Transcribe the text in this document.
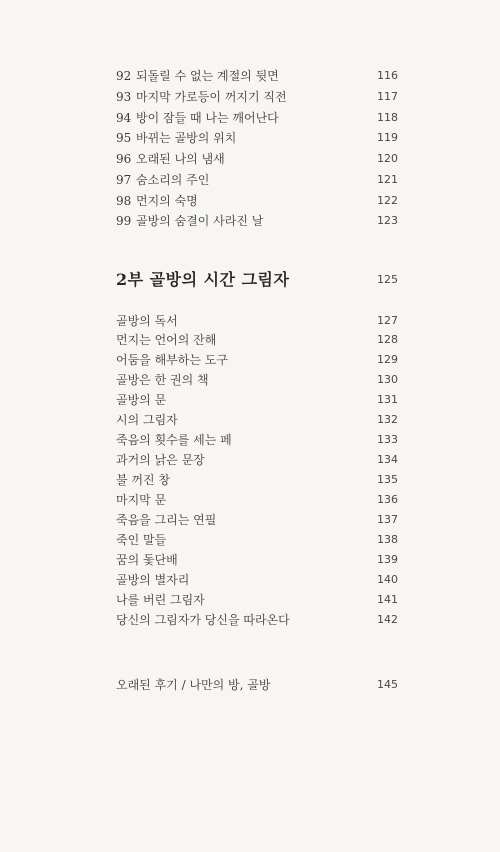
92 되돌릴 수 없는 계절의 뒷면	116
93 마지막 가로등이 꺼지기 직전	117
94 방이 잠들 때 나는 깨어난다	118
95 바뀌는 골방의 위치	119
96 오래된 나의 냄새	120
97 숨소리의 주인	121
98 먼지의 숙명	122
99 골방의 숨결이 사라진 날	123
2부 골방의 시간 그림자	125
골방의 독서	127
먼지는 언어의 잔해	128
어둠을 해부하는 도구	129
골방은 한 권의 책	130
골방의 문	131
시의 그림자	132
죽음의 횟수를 세는 페	133
과거의 낡은 문장	134
불 꺼진 창	135
마지막 문	136
죽음을 그리는 연필	137
죽인 말들	138
꿈의 돛단배	139
골방의 별자리	140
나를 버린 그림자	141
당신의 그림자가 당신을 따라온다	142
오래된 후기 / 나만의 방, 골방	145
